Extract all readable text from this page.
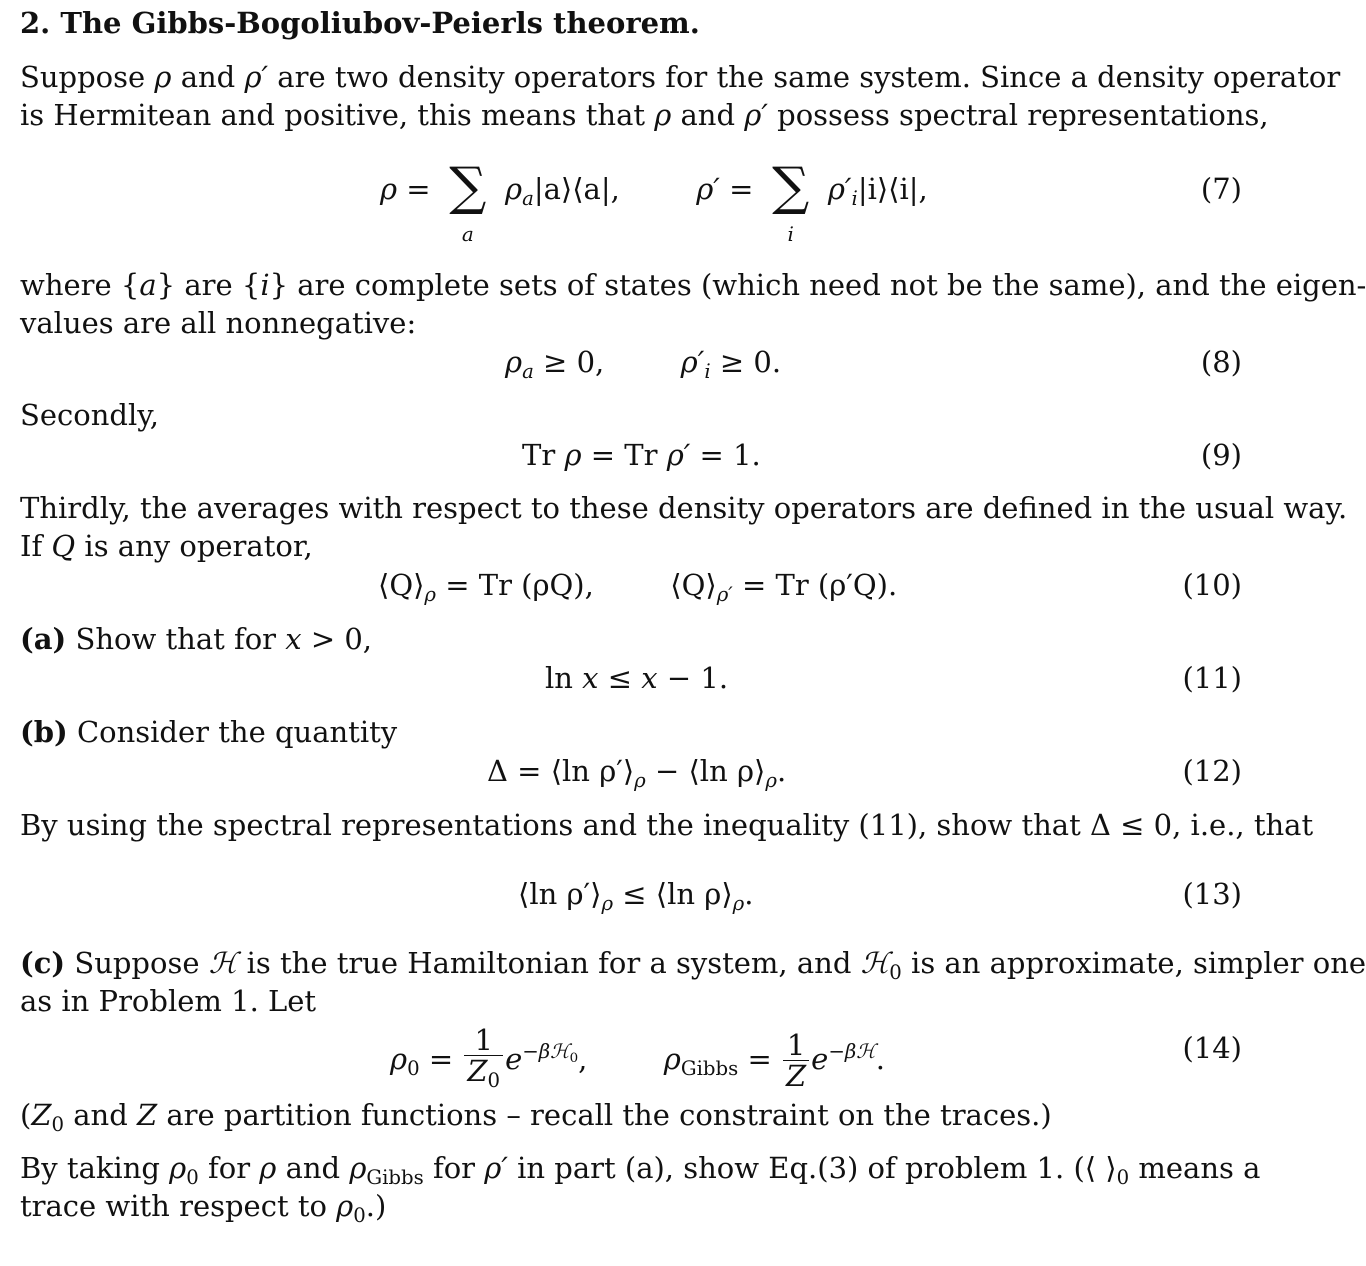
2. The Gibbs-Bogoliubov-Peierls theorem.
Suppose ρ and ρ′ are two density operators for the same system. Since a density operator
is Hermitean and positive, this means that ρ and ρ′ possess spectral representations,
ρ = ∑
a
$\rho_a|a⟩⟨a|$,	ρ′ = ∑
i
$\rho'_i|i⟩⟨i|$,	(7)
where {a} are {i} are complete sets of states (which need not be the same), and the eigen-
values are all nonnegative:
$\rho_a \ge 0$,	$\rho'_i \ge 0$.	(8)
Secondly,
Tr ρ = Tr ρ′ = 1.	(9)
Thirdly, the averages with respect to these density operators are defined in the usual way.
If Q is any operator,
$⟨Q⟩_\rho = Tr$ (ρQ),	$⟨Q⟩_{\rho'} = Tr$ (ρ′Q).	(10)
(a) Show that for x > 0,
ln x ≤ x − 1.	(11)
(b) Consider the quantity
Δ = ⟨ln $\rho'⟩_\rho$ − ⟨ln $\rho⟩_\rho$.	(12)
By using the spectral representations and the inequality (11), show that Δ ≤ 0, i.e., that
⟨ln $\rho'⟩_\rho$ ≤ ⟨ln $\rho⟩_\rho$.	(13)
(c) Suppose ℋ is the true Hamiltonian for a system, and ℋ$_0$ is an approximate, simpler one
as in Problem 1. Let
$\rho_0 = \frac{1}{Z_0} e^{-\beta ℋ_0}$,  $\rho_{Gibbs} = \frac{1}{Z} e^{-\beta ℋ}$.	(14)
($Z_0$ and Z are partition functions – recall the constraint on the traces.)
By taking $\rho_0$ for ρ and $\rho_{Gibbs}$ for ρ′ in part (a), show Eq.(3) of problem 1. (⟨ $⟩_0$ means a
trace with respect to $\rho_0$.)
